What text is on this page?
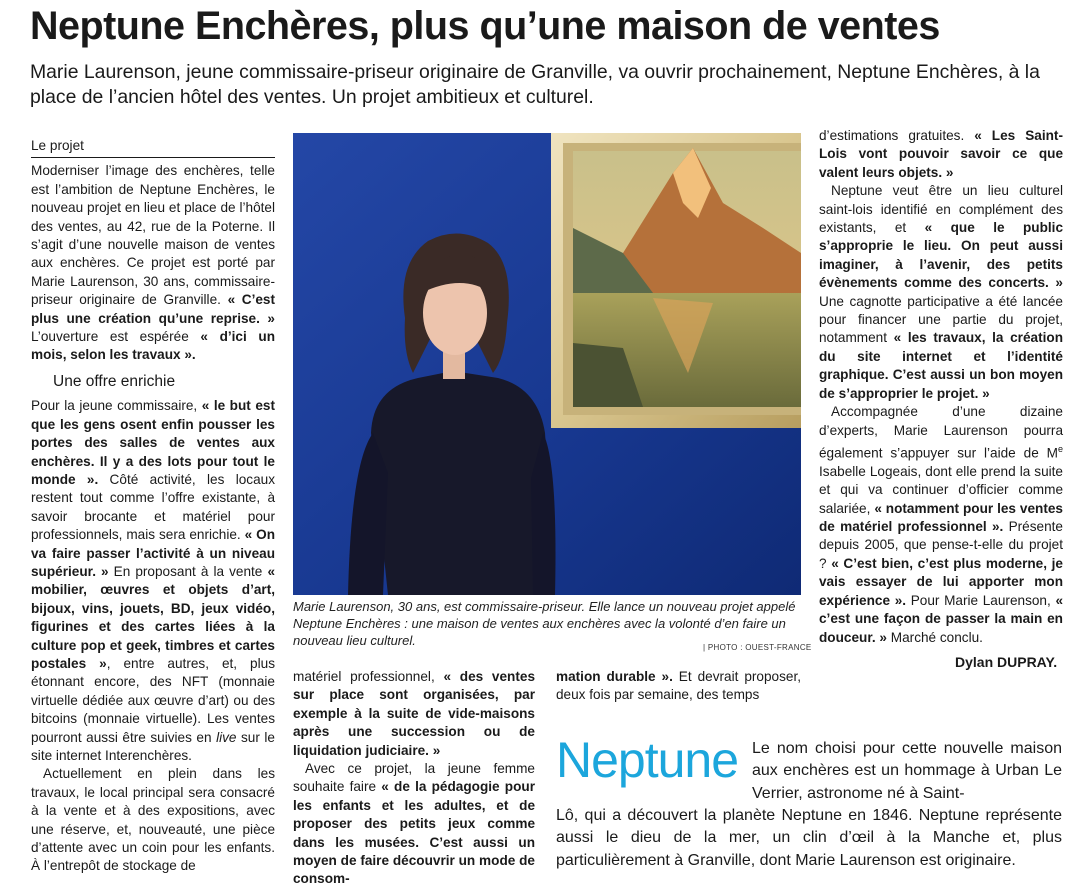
Neptune Enchères, plus qu’une maison de ventes

Marie Laurenson, jeune commissaire-priseur originaire de Granville, va ouvrir prochainement, Neptune Enchères, à la place de l’ancien hôtel des ventes. Un projet ambitieux et culturel.

Le projet

Moderniser l’image des enchères, telle est l’ambition de Neptune Enchères, le nouveau projet en lieu et place de l’hôtel des ventes, au 42, rue de la Poterne. Il s’agit d’une nouvelle maison de ventes aux enchères. Ce projet est porté par Marie Laurenson, 30 ans, commissaire-priseur originaire de Granville. « C’est plus une création qu’une reprise. » L’ouverture est espérée « d’ici un mois, selon les travaux ».

Une offre enrichie

Pour la jeune commissaire, « le but est que les gens osent enfin pousser les portes des salles de ventes aux enchères. Il y a des lots pour tout le monde ». Côté activité, les locaux restent tout comme l’offre existante, à savoir brocante et matériel pour professionnels, mais sera enrichie. « On va faire passer l’activité à un niveau supérieur. » En proposant à la vente « mobilier, œuvres et objets d’art, bijoux, vins, jouets, BD, jeux vidéo, figurines et des cartes liées à la culture pop et geek, timbres et cartes postales », entre autres, et, plus étonnant encore, des NFT (monnaie virtuelle dédiée aux œuvre d’art) ou des bitcoins (monnaie virtuelle). Les ventes pourront aussi être suivies en live sur le site internet Interenchères.

Actuellement en plein dans les travaux, le local principal sera consacré à la vente et à des expositions, avec une réserve, et, nouveauté, une pièce d’attente avec un coin pour les enfants. À l’entrepôt de stockage de

Marie Laurenson, 30 ans, est commissaire-priseur. Elle lance un nouveau projet appelé Neptune Enchères : une maison de ventes aux enchères avec la volonté d’en faire un nouveau lieu culturel.	| PHOTO : OUEST-FRANCE

matériel professionnel, « des ventes sur place sont organisées, par exemple à la suite de vide-maisons après une succession ou de liquidation judiciaire. »

Avec ce projet, la jeune femme souhaite faire « de la pédagogie pour les enfants et les adultes, et de proposer des petits jeux comme dans les musées. C’est aussi un moyen de faire découvrir un mode de consom-

mation durable ». Et devrait proposer, deux fois par semaine, des temps

d’estimations gratuites. « Les Saint-Lois vont pouvoir savoir ce que valent leurs objets. »

Neptune veut être un lieu culturel saint-lois identifié en complément des existants, et « que le public s’approprie le lieu. On peut aussi imaginer, à l’avenir, des petits évènements comme des concerts. » Une cagnotte participative a été lancée pour financer une partie du projet, notamment « les travaux, la création du site internet et l’identité graphique. C’est aussi un bon moyen de s’approprier le projet. »

Accompagnée d’une dizaine d’experts, Marie Laurenson pourra également s’appuyer sur l’aide de Me Isabelle Logeais, dont elle prend la suite et qui va continuer d’officier comme salariée, « notamment pour les ventes de matériel professionnel ». Présente depuis 2005, que pense-t-elle du projet ? « C’est bien, c’est plus moderne, je vais essayer de lui apporter mon expérience ». Pour Marie Laurenson, « c’est une façon de passer la main en douceur. » Marché conclu.

Dylan DUPRAY.
Neptune Le nom choisi pour cette nouvelle maison aux enchères est un hommage à Urban Le Verrier, astronome né à Saint-

Lô, qui a découvert la planète Neptune en 1846. Neptune représente aussi le dieu de la mer, un clin d’œil à la Manche et, plus particulièrement à Granville, dont Marie Laurenson est originaire.
